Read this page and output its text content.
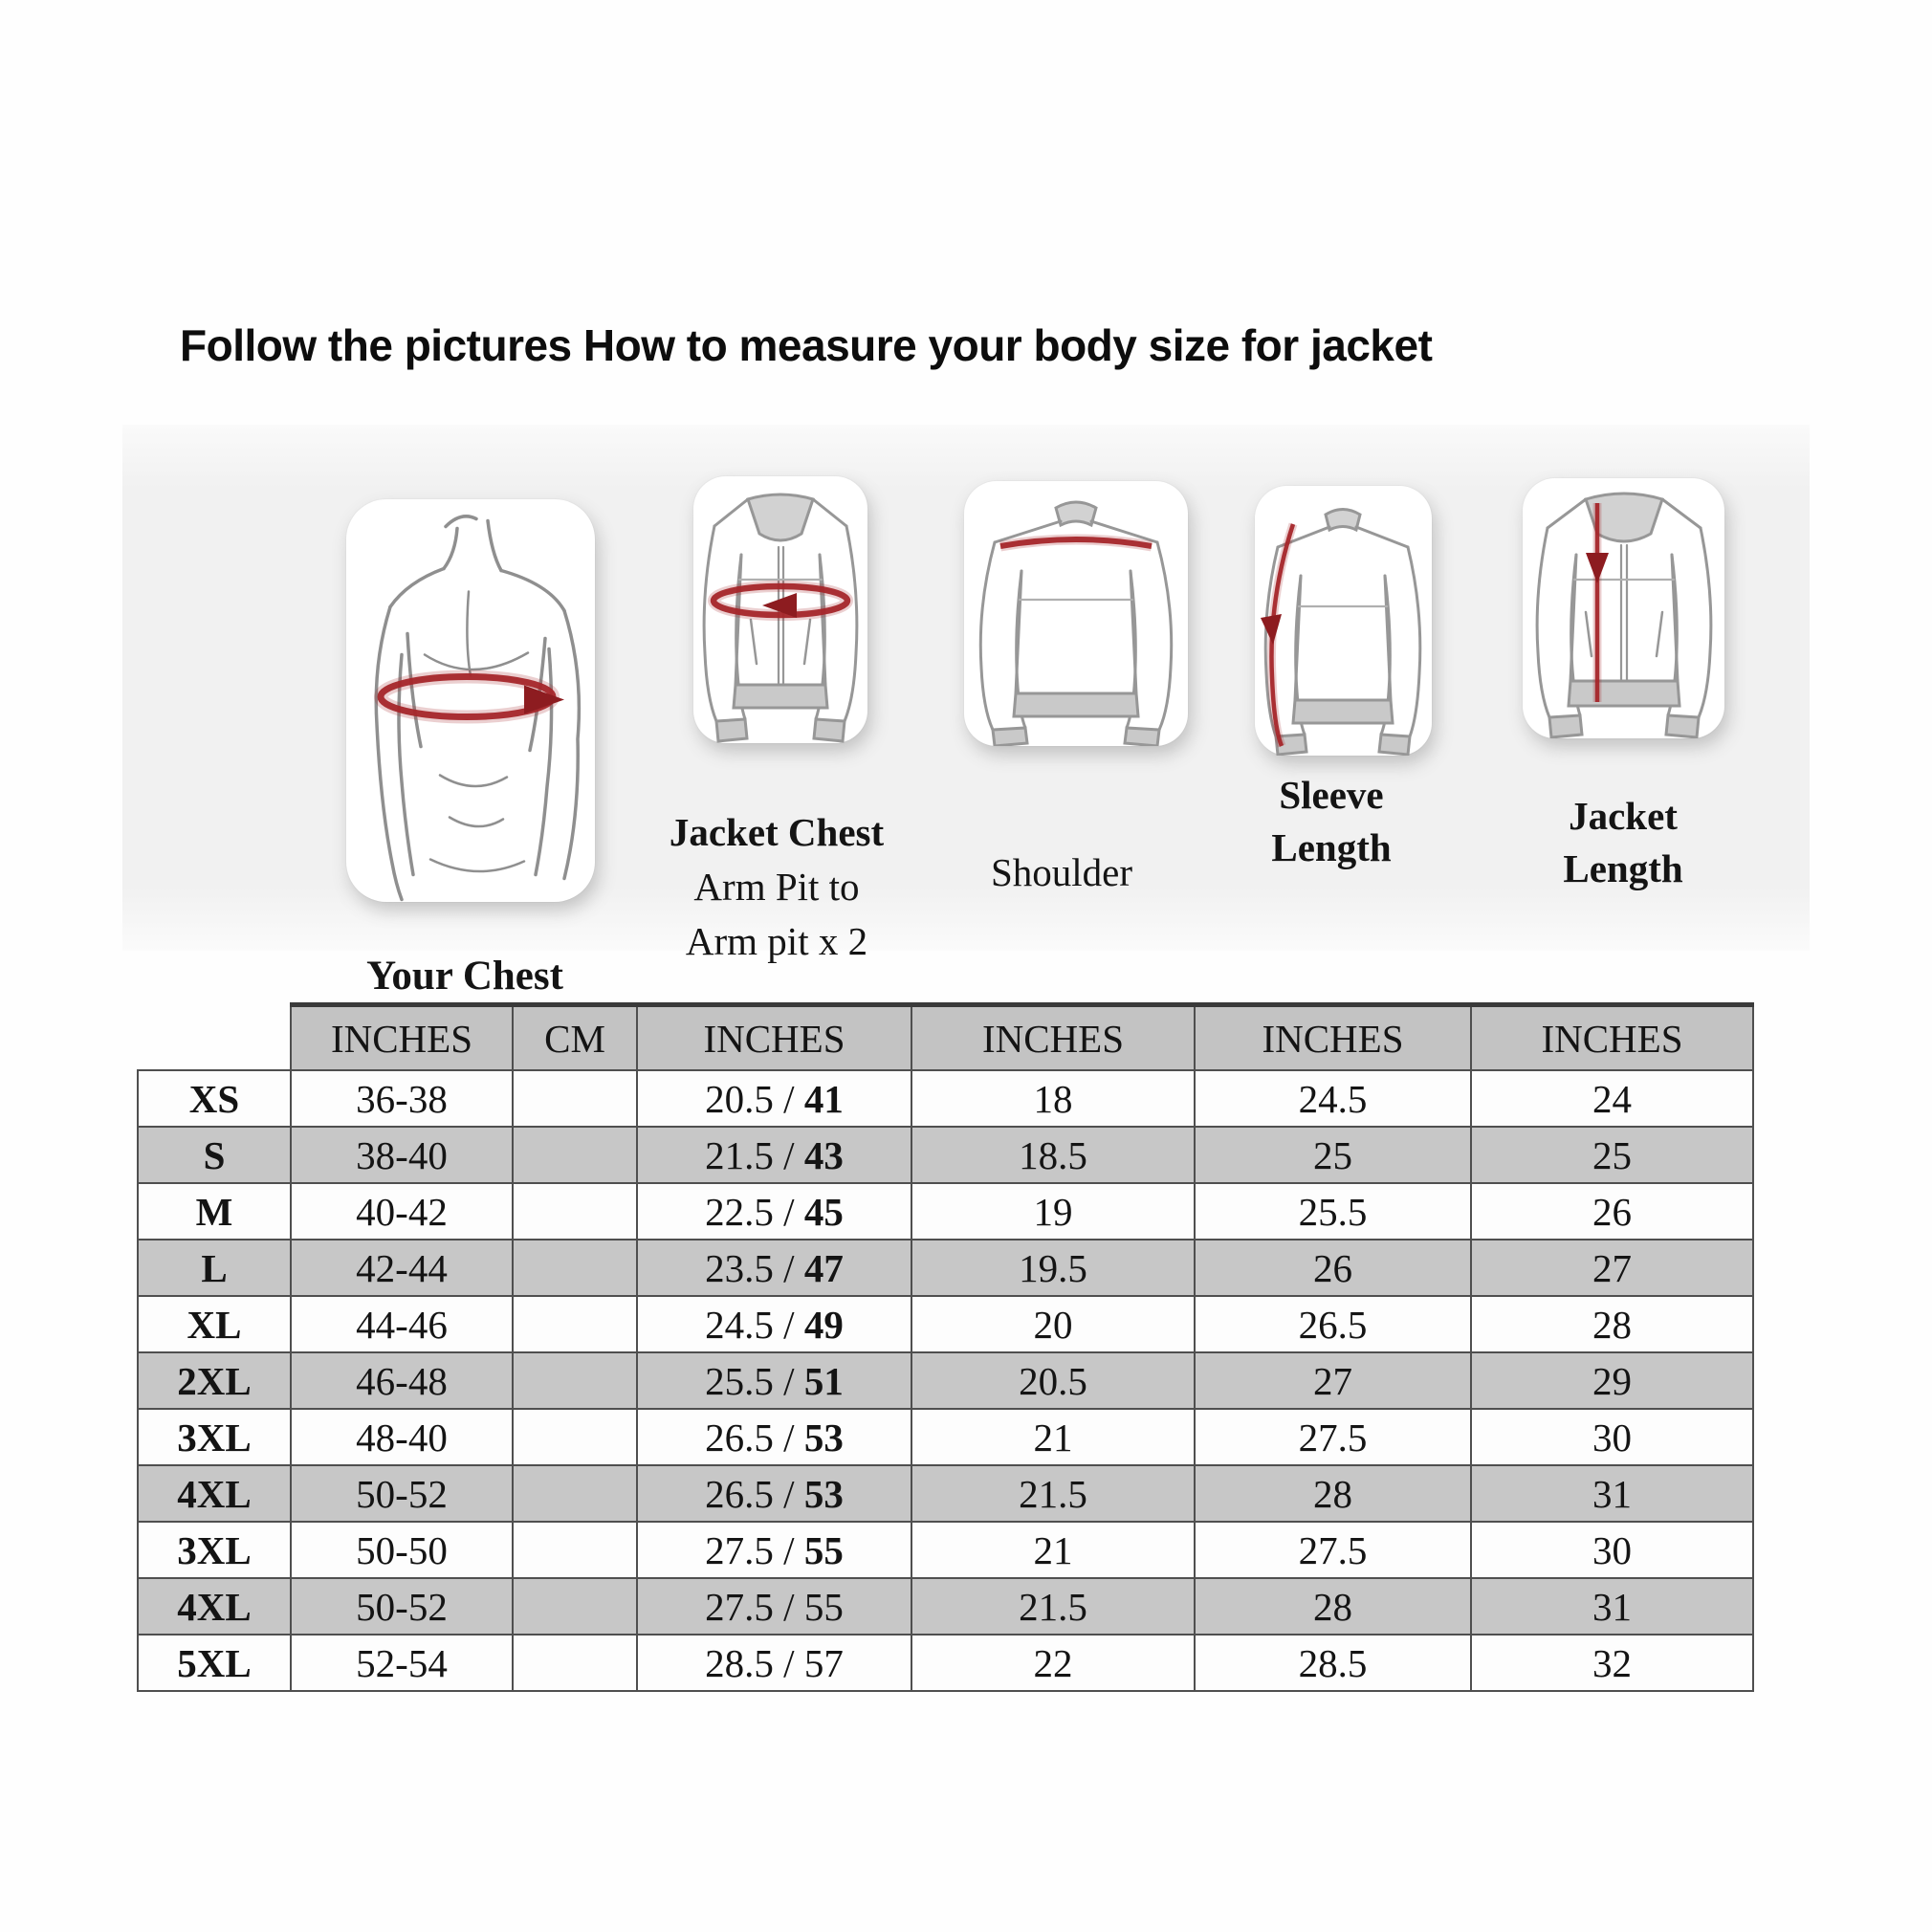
Follow the pictures How to measure your body size for jacket
Jacket Chest
Arm Pit to
Arm pit x 2
Shoulder
Sleeve
Length
Jacket
Length
Your Chest
	INCHES	CM	INCHES	INCHES	INCHES	INCHES
XS	36-38		20.5 / 41	18	24.5	24
S	38-40		21.5 / 43	18.5	25	25
M	40-42		22.5 / 45	19	25.5	26
L	42-44		23.5 / 47	19.5	26	27
XL	44-46		24.5 / 49	20	26.5	28
2XL	46-48		25.5 / 51	20.5	27	29
3XL	48-40		26.5 / 53	21	27.5	30
4XL	50-52		26.5 / 53	21.5	28	31
3XL	50-50		27.5 / 55	21	27.5	30
4XL	50-52		27.5 / 55	21.5	28	31
5XL	52-54		28.5 / 57	22	28.5	32
